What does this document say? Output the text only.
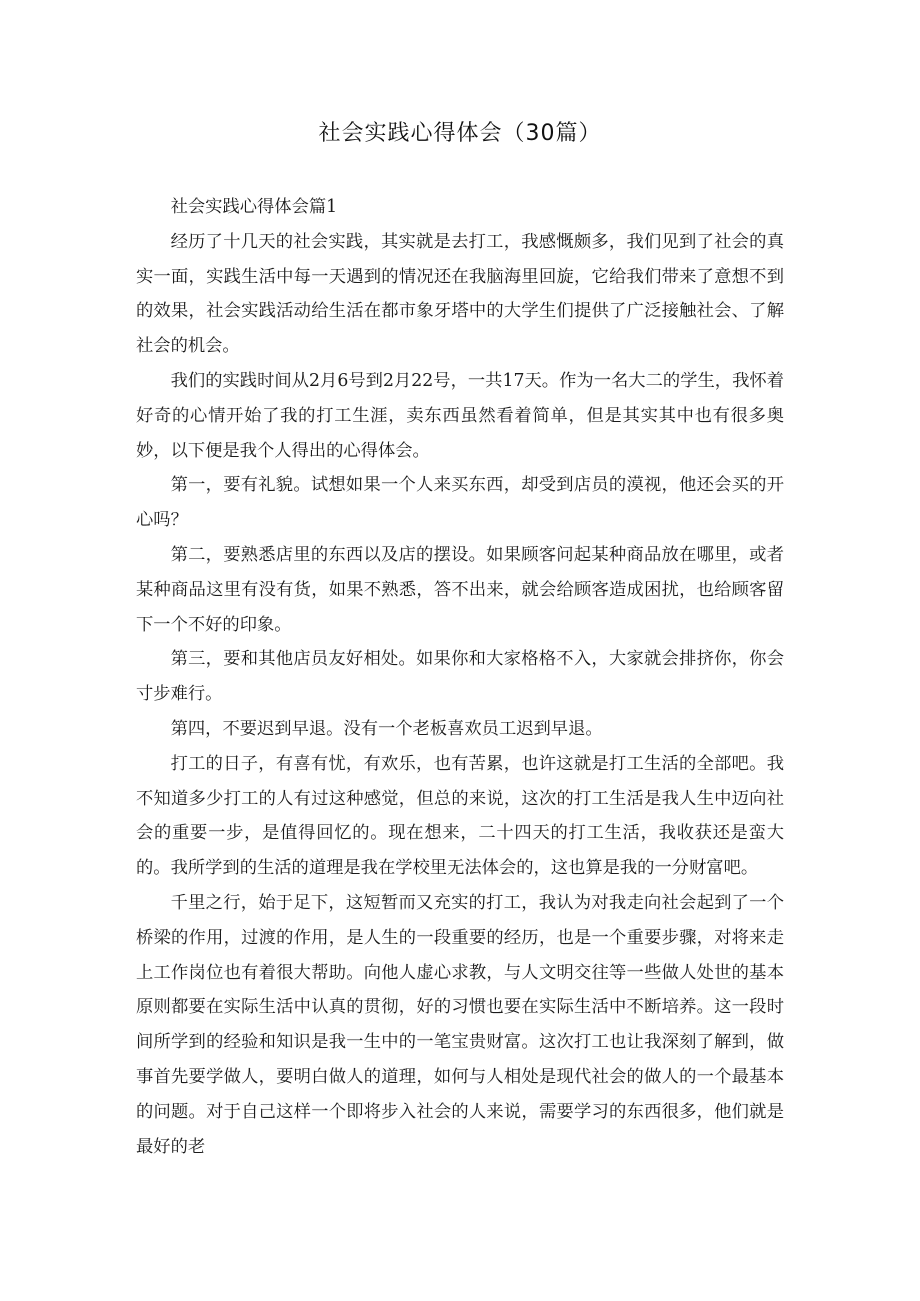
社会实践心得体会（30篇）

社会实践心得体会篇1

经历了十几天的社会实践，其实就是去打工，我感慨颇多，我们见到了社会的真实一面，实践生活中每一天遇到的情况还在我脑海里回旋，它给我们带来了意想不到的效果，社会实践活动给生活在都市象牙塔中的大学生们提供了广泛接触社会、了解社会的机会。

我们的实践时间从2月6号到2月22号，一共17天。作为一名大二的学生，我怀着好奇的心情开始了我的打工生涯，卖东西虽然看着简单，但是其实其中也有很多奥妙，以下便是我个人得出的心得体会。

第一，要有礼貌。试想如果一个人来买东西，却受到店员的漠视，他还会买的开心吗？

第二，要熟悉店里的东西以及店的摆设。如果顾客问起某种商品放在哪里，或者某种商品这里有没有货，如果不熟悉，答不出来，就会给顾客造成困扰，也给顾客留下一个不好的印象。

第三，要和其他店员友好相处。如果你和大家格格不入，大家就会排挤你，你会寸步难行。

第四，不要迟到早退。没有一个老板喜欢员工迟到早退。

打工的日子，有喜有忧，有欢乐，也有苦累，也许这就是打工生活的全部吧。我不知道多少打工的人有过这种感觉，但总的来说，这次的打工生活是我人生中迈向社会的重要一步，是值得回忆的。现在想来，二十四天的打工生活，我收获还是蛮大的。我所学到的生活的道理是我在学校里无法体会的，这也算是我的一分财富吧。

千里之行，始于足下，这短暂而又充实的打工，我认为对我走向社会起到了一个桥梁的作用，过渡的作用，是人生的一段重要的经历，也是一个重要步骤，对将来走上工作岗位也有着很大帮助。向他人虚心求教，与人文明交往等一些做人处世的基本原则都要在实际生活中认真的贯彻，好的习惯也要在实际生活中不断培养。这一段时间所学到的经验和知识是我一生中的一笔宝贵财富。这次打工也让我深刻了解到，做事首先要学做人，要明白做人的道理，如何与人相处是现代社会的做人的一个最基本的问题。对于自己这样一个即将步入社会的人来说，需要学习的东西很多，他们就是最好的老
